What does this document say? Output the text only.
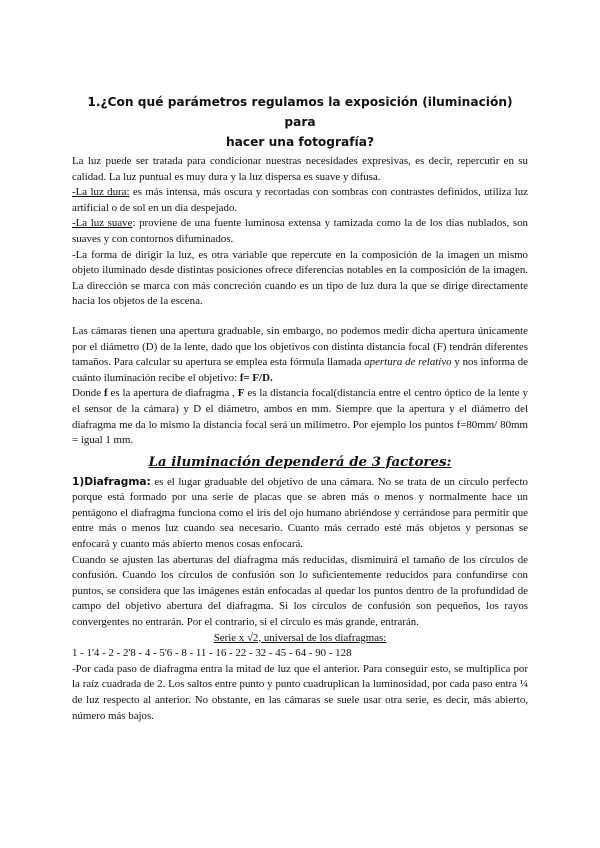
1.¿Con qué parámetros regulamos la exposición (iluminación) para
hacer una fotografía?

La luz puede ser tratada para condicionar nuestras necesidades expresivas, es decir, repercutir en su calidad. La luz puntual es muy dura y la luz dispersa es suave y difusa.

-La luz dura: es más intensa, más oscura y recortadas con sombras con contrastes definidos, utiliza luz artificial o de sol en un día despejado.

-La luz suave: proviene de una fuente luminosa extensa y tamizada como la de los días nublados, son suaves y con contornos difuminados.

-La forma de dirigir la luz, es otra variable que repercute en la composición de la imagen un mismo objeto iluminado desde distintas posiciones ofrece diferencias notables en la composición de la imagen. La dirección se marca con más concreción cuando es un tipo de luz dura la que se dirige directamente hacia los objetos de la escena.

Las cámaras tienen una apertura graduable, sin embargo, no podemos medir dicha apertura únicamente por el diámetro (D) de la lente, dado que los objetivos con distinta distancia focal (F) tendrán diferentes tamaños. Para calcular su apertura se emplea esta fórmula llamada apertura de relativo y nos informa de cuánto iluminación recibe el objetivo: f= F/D.

Donde f es la apertura de diafragma , F es la distancia focal(distancia entre el centro óptico de la lente y el sensor de la cámara) y D el diámetro, ambos en mm. Siempre que la apertura y el diámetro del diafragma me da lo mismo la distancia focal será un milímetro. Por ejemplo los puntos f=80mm/ 80mm = igual 1 mm.

La iluminación dependerá de 3 factores:

1)Diafragma: es el lugar graduable del objetivo de una cámara. No se trata de un círculo perfecto porque está formado por una serie de placas que se abren más o menos y normalmente hace un pentágono el diafragma funciona como el iris del ojo humano abriéndose y cerrándose para permitir que entre más o menos luz cuando sea necesario. Cuanto más cerrado esté más objetos y personas se enfocará y cuanto más abierto menos cosas enfocará.

Cuando se ajusten las aberturas del diafragma más reducidas, disminuirá el tamaño de los círculos de confusión. Cuando los círculos de confusión son lo suficientemente reducidos para confundirse con puntos, se considera que las imágenes están enfocadas al quedar los puntos dentro de la profundidad de campo del objetivo abertura del diafragma. Si los círculos de confusión son pequeños, los rayos convergentes no entrarán. Por el contrario, si el círculo es más grande, entrarán.

Serie x √2, universal de los diafragmas:

1 - 1'4 - 2 - 2'8 - 4 - 5'6 - 8 - 11 - 16 - 22 - 32 - 45 - 64 - 90 - 128

-Por cada paso de diafragma entra la mitad de luz que el anterior. Para conseguir esto, se multiplica por la raíz cuadrada de 2. Los saltos entre punto y punto cuadruplican la luminosidad, por cada paso entra ¼ de luz respecto al anterior. No obstante, en las cámaras se suele usar otra serie, es decir, más abierto, número más bajos.
